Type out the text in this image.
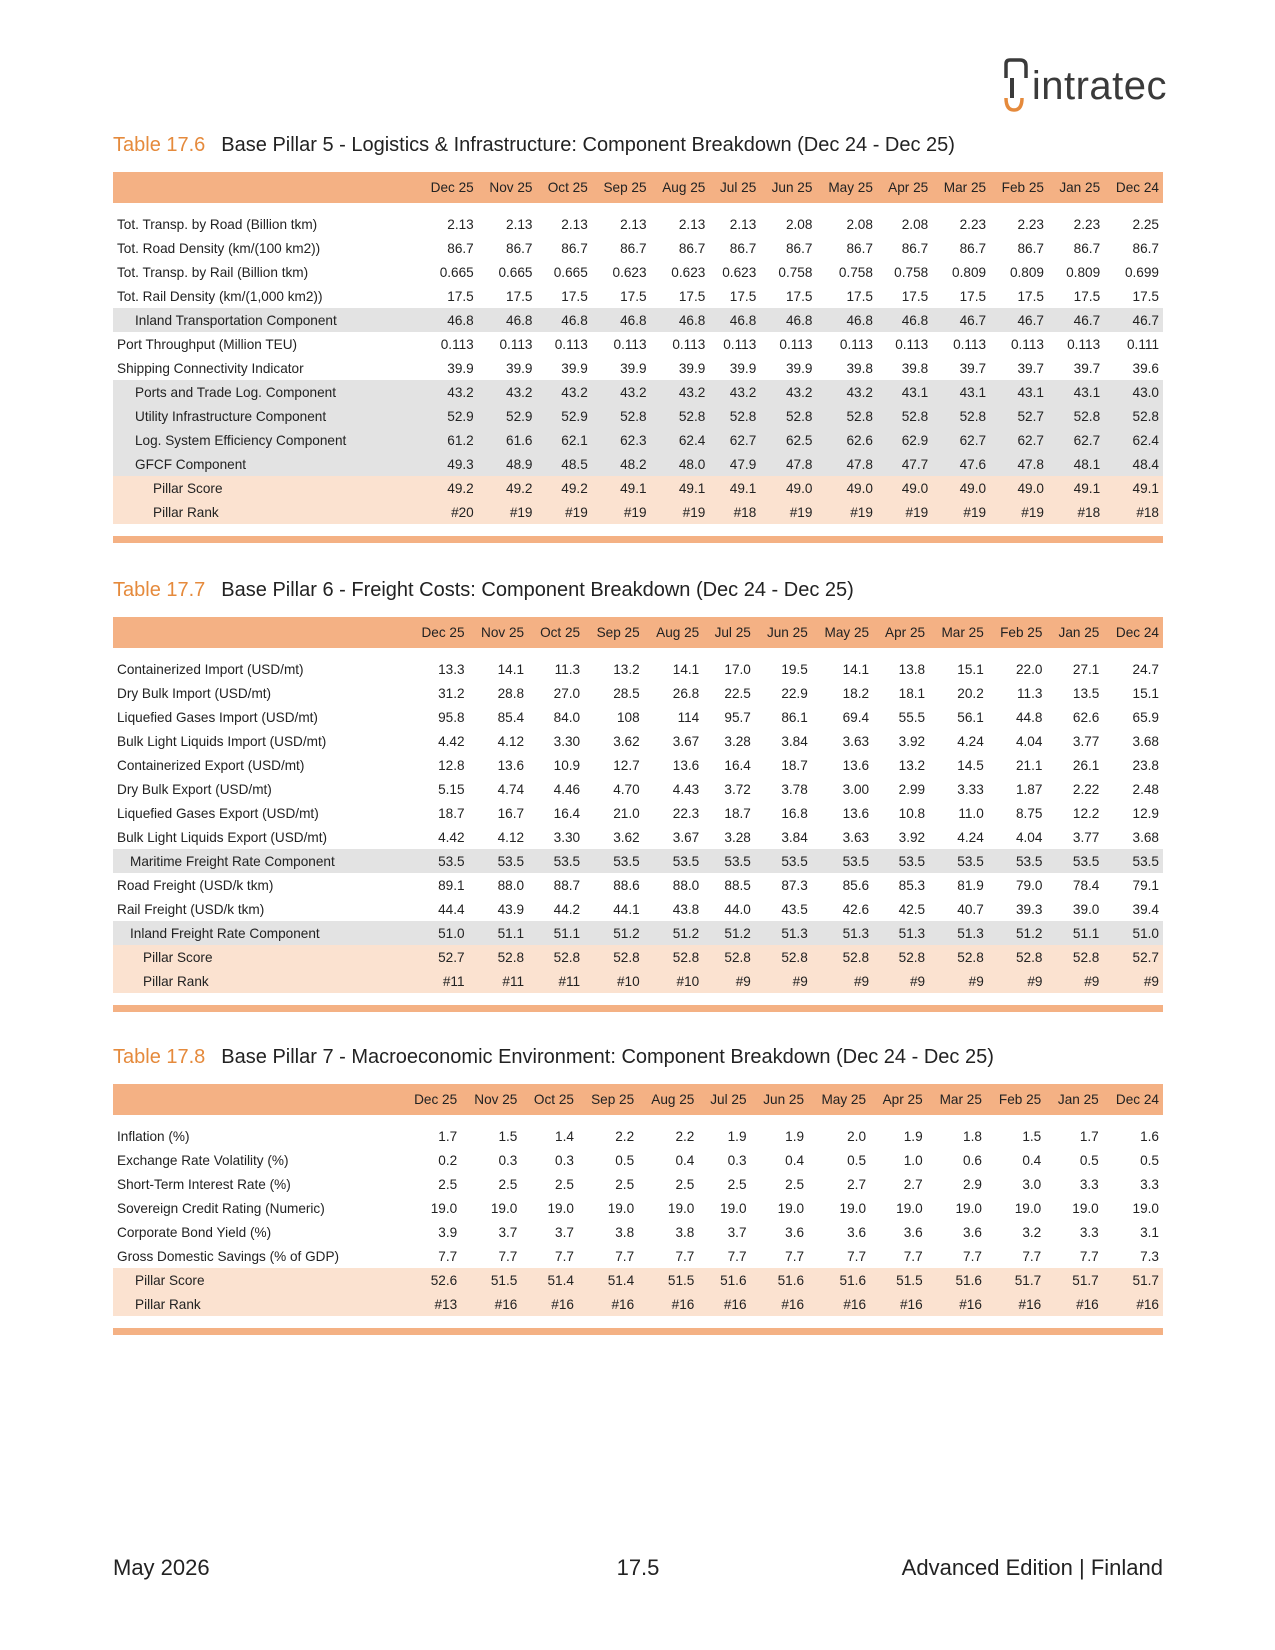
intratec
Table 17.6 Base Pillar 5 - Logistics & Infrastructure: Component Breakdown (Dec 24 - Dec 25)
	Dec 25	Nov 25	Oct 25	Sep 25	Aug 25	Jul 25	Jun 25	May 25	Apr 25	Mar 25	Feb 25	Jan 25	Dec 24

Tot. Transp. by Road (Billion tkm)	2.13	2.13	2.13	2.13	2.13	2.13	2.08	2.08	2.08	2.23	2.23	2.23	2.25
Tot. Road Density (km/(100 km2))	86.7	86.7	86.7	86.7	86.7	86.7	86.7	86.7	86.7	86.7	86.7	86.7	86.7
Tot. Transp. by Rail (Billion tkm)	0.665	0.665	0.665	0.623	0.623	0.623	0.758	0.758	0.758	0.809	0.809	0.809	0.699
Tot. Rail Density (km/(1,000 km2))	17.5	17.5	17.5	17.5	17.5	17.5	17.5	17.5	17.5	17.5	17.5	17.5	17.5
Inland Transportation Component	46.8	46.8	46.8	46.8	46.8	46.8	46.8	46.8	46.8	46.7	46.7	46.7	46.7
Port Throughput (Million TEU)	0.113	0.113	0.113	0.113	0.113	0.113	0.113	0.113	0.113	0.113	0.113	0.113	0.111
Shipping Connectivity Indicator	39.9	39.9	39.9	39.9	39.9	39.9	39.9	39.8	39.8	39.7	39.7	39.7	39.6
Ports and Trade Log. Component	43.2	43.2	43.2	43.2	43.2	43.2	43.2	43.2	43.1	43.1	43.1	43.1	43.0
Utility Infrastructure Component	52.9	52.9	52.9	52.8	52.8	52.8	52.8	52.8	52.8	52.8	52.7	52.8	52.8
Log. System Efficiency Component	61.2	61.6	62.1	62.3	62.4	62.7	62.5	62.6	62.9	62.7	62.7	62.7	62.4
GFCF Component	49.3	48.9	48.5	48.2	48.0	47.9	47.8	47.8	47.7	47.6	47.8	48.1	48.4
Pillar Score	49.2	49.2	49.2	49.1	49.1	49.1	49.0	49.0	49.0	49.0	49.0	49.1	49.1
Pillar Rank	#20	#19	#19	#19	#19	#18	#19	#19	#19	#19	#19	#18	#18

Table 17.7 Base Pillar 6 - Freight Costs: Component Breakdown (Dec 24 - Dec 25)
	Dec 25	Nov 25	Oct 25	Sep 25	Aug 25	Jul 25	Jun 25	May 25	Apr 25	Mar 25	Feb 25	Jan 25	Dec 24

Containerized Import (USD/mt)	13.3	14.1	11.3	13.2	14.1	17.0	19.5	14.1	13.8	15.1	22.0	27.1	24.7
Dry Bulk Import (USD/mt)	31.2	28.8	27.0	28.5	26.8	22.5	22.9	18.2	18.1	20.2	11.3	13.5	15.1
Liquefied Gases Import (USD/mt)	95.8	85.4	84.0	108	114	95.7	86.1	69.4	55.5	56.1	44.8	62.6	65.9
Bulk Light Liquids Import (USD/mt)	4.42	4.12	3.30	3.62	3.67	3.28	3.84	3.63	3.92	4.24	4.04	3.77	3.68
Containerized Export (USD/mt)	12.8	13.6	10.9	12.7	13.6	16.4	18.7	13.6	13.2	14.5	21.1	26.1	23.8
Dry Bulk Export (USD/mt)	5.15	4.74	4.46	4.70	4.43	3.72	3.78	3.00	2.99	3.33	1.87	2.22	2.48
Liquefied Gases Export (USD/mt)	18.7	16.7	16.4	21.0	22.3	18.7	16.8	13.6	10.8	11.0	8.75	12.2	12.9
Bulk Light Liquids Export (USD/mt)	4.42	4.12	3.30	3.62	3.67	3.28	3.84	3.63	3.92	4.24	4.04	3.77	3.68
Maritime Freight Rate Component	53.5	53.5	53.5	53.5	53.5	53.5	53.5	53.5	53.5	53.5	53.5	53.5	53.5
Road Freight (USD/k tkm)	89.1	88.0	88.7	88.6	88.0	88.5	87.3	85.6	85.3	81.9	79.0	78.4	79.1
Rail Freight (USD/k tkm)	44.4	43.9	44.2	44.1	43.8	44.0	43.5	42.6	42.5	40.7	39.3	39.0	39.4
Inland Freight Rate Component	51.0	51.1	51.1	51.2	51.2	51.2	51.3	51.3	51.3	51.3	51.2	51.1	51.0
Pillar Score	52.7	52.8	52.8	52.8	52.8	52.8	52.8	52.8	52.8	52.8	52.8	52.8	52.7
Pillar Rank	#11	#11	#11	#10	#10	#9	#9	#9	#9	#9	#9	#9	#9

Table 17.8 Base Pillar 7 - Macroeconomic Environment: Component Breakdown (Dec 24 - Dec 25)
	Dec 25	Nov 25	Oct 25	Sep 25	Aug 25	Jul 25	Jun 25	May 25	Apr 25	Mar 25	Feb 25	Jan 25	Dec 24

Inflation (%)	1.7	1.5	1.4	2.2	2.2	1.9	1.9	2.0	1.9	1.8	1.5	1.7	1.6
Exchange Rate Volatility (%)	0.2	0.3	0.3	0.5	0.4	0.3	0.4	0.5	1.0	0.6	0.4	0.5	0.5
Short-Term Interest Rate (%)	2.5	2.5	2.5	2.5	2.5	2.5	2.5	2.7	2.7	2.9	3.0	3.3	3.3
Sovereign Credit Rating (Numeric)	19.0	19.0	19.0	19.0	19.0	19.0	19.0	19.0	19.0	19.0	19.0	19.0	19.0
Corporate Bond Yield (%)	3.9	3.7	3.7	3.8	3.8	3.7	3.6	3.6	3.6	3.6	3.2	3.3	3.1
Gross Domestic Savings (% of GDP)	7.7	7.7	7.7	7.7	7.7	7.7	7.7	7.7	7.7	7.7	7.7	7.7	7.3
Pillar Score	52.6	51.5	51.4	51.4	51.5	51.6	51.6	51.6	51.5	51.6	51.7	51.7	51.7
Pillar Rank	#13	#16	#16	#16	#16	#16	#16	#16	#16	#16	#16	#16	#16

May 2026	17.5	Advanced Edition | Finland
